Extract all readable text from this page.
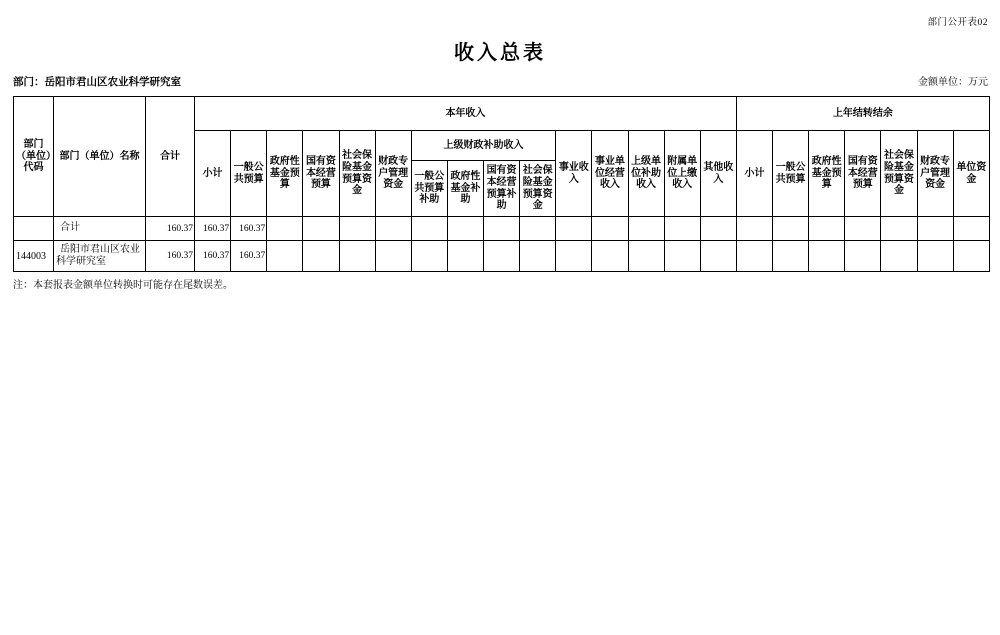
部门公开表02
收入总表
部门：岳阳市君山区农业科学研究室	金额单位：万元
部门（单位）代码	部门（单位）名称	合计	本年收入															上年结转结余						
			小计	一般公共预算	政府性基金预算	国有资本经营预算	社会保险基金预算资金	财政专户管理资金	上级财政补助收入				事业收入	事业单位经营收入	上级单位补助收入	附属单位上缴收入	其他收入	小计	一般公共预算	政府性基金预算	国有资本经营预算	社会保险基金预算资金	财政专户管理资金	单位资金
									一般公共预算补助	政府性基金补助	国有资本经营预算补助	社会保险基金预算资金												
	合计	160.37	160.37	160.37																				
144003	岳阳市君山区农业科学研究室	160.37	160.37	160.37																				
注：本套报表金额单位转换时可能存在尾数误差。
